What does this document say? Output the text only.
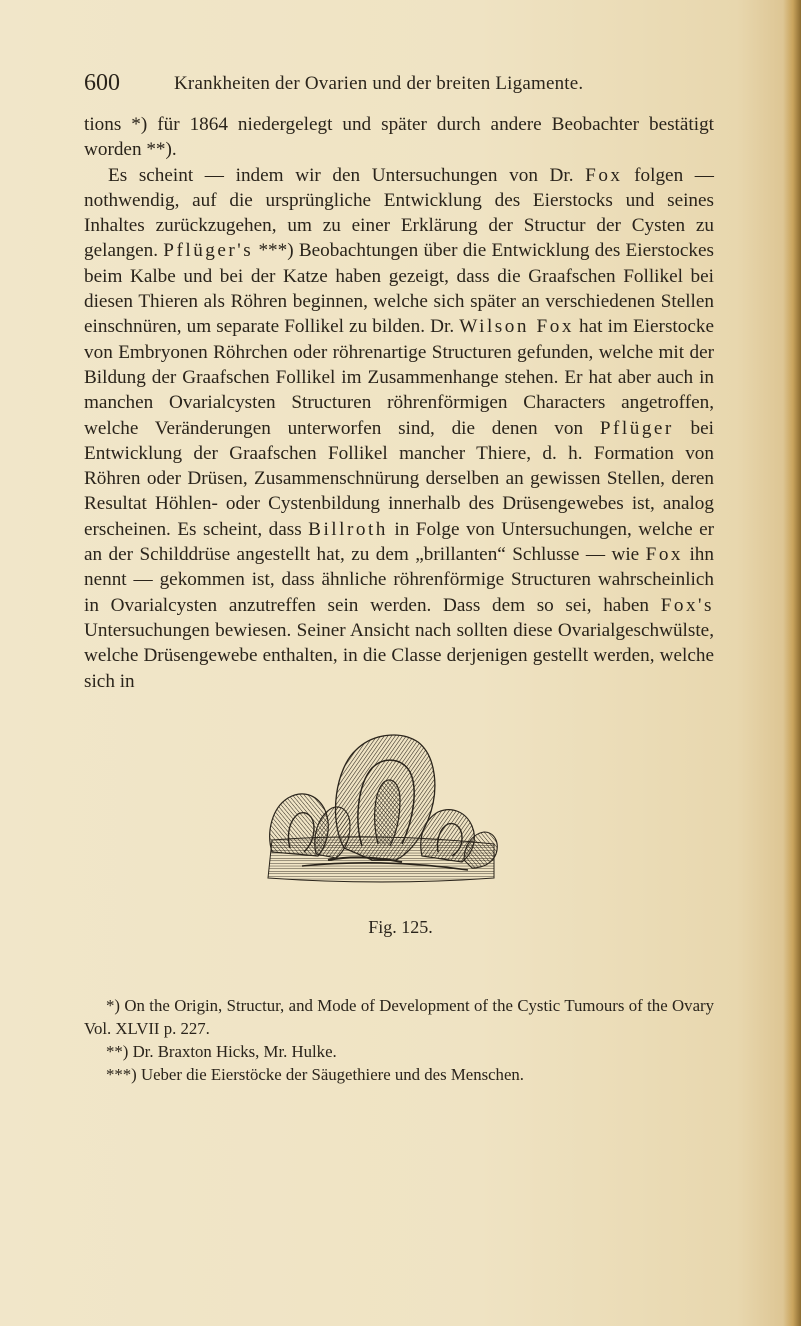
600	Krankheiten der Ovarien und der breiten Ligamente.

tions *) für 1864 niedergelegt und später durch andere Beobachter bestätigt worden **).

Es scheint — indem wir den Untersuchungen von Dr. Fox folgen — nothwendig, auf die ursprüngliche Entwicklung des Eierstocks und seines Inhaltes zurückzugehen, um zu einer Erklärung der Structur der Cysten zu gelangen. Pflüger's ***) Beobachtungen über die Entwicklung des Eierstockes beim Kalbe und bei der Katze haben gezeigt, dass die Graafschen Follikel bei diesen Thieren als Röhren beginnen, welche sich später an verschiedenen Stellen einschnüren, um separate Follikel zu bilden. Dr. Wilson Fox hat im Eierstocke von Embryonen Röhrchen oder röhrenartige Structuren gefunden, welche mit der Bildung der Graafschen Follikel im Zusammenhange stehen. Er hat aber auch in manchen Ovarialcysten Structuren röhrenförmigen Characters angetroffen, welche Veränderungen unterworfen sind, die denen von Pflüger bei Entwicklung der Graafschen Follikel mancher Thiere, d. h. Formation von Röhren oder Drüsen, Zusammenschnürung derselben an gewissen Stellen, deren Resultat Höhlen- oder Cystenbildung innerhalb des Drüsengewebes ist, analog erscheinen. Es scheint, dass Billroth in Folge von Untersuchungen, welche er an der Schilddrüse angestellt hat, zu dem „brillanten“ Schlusse — wie Fox ihn nennt — gekommen ist, dass ähnliche röhrenförmige Structuren wahrscheinlich in Ovarialcysten anzutreffen sein werden. Dass dem so sei, haben Fox's Untersuchungen bewiesen. Seiner Ansicht nach sollten diese Ovarialgeschwülste, welche Drüsengewebe enthalten, in die Classe derjenigen gestellt werden, welche sich in

Fig. 125.

*) On the Origin, Structur, and Mode of Development of the Cystic Tumours of the Ovary Vol. XLVII p. 227.

**) Dr. Braxton Hicks, Mr. Hulke.

***) Ueber die Eierstöcke der Säugethiere und des Menschen.
